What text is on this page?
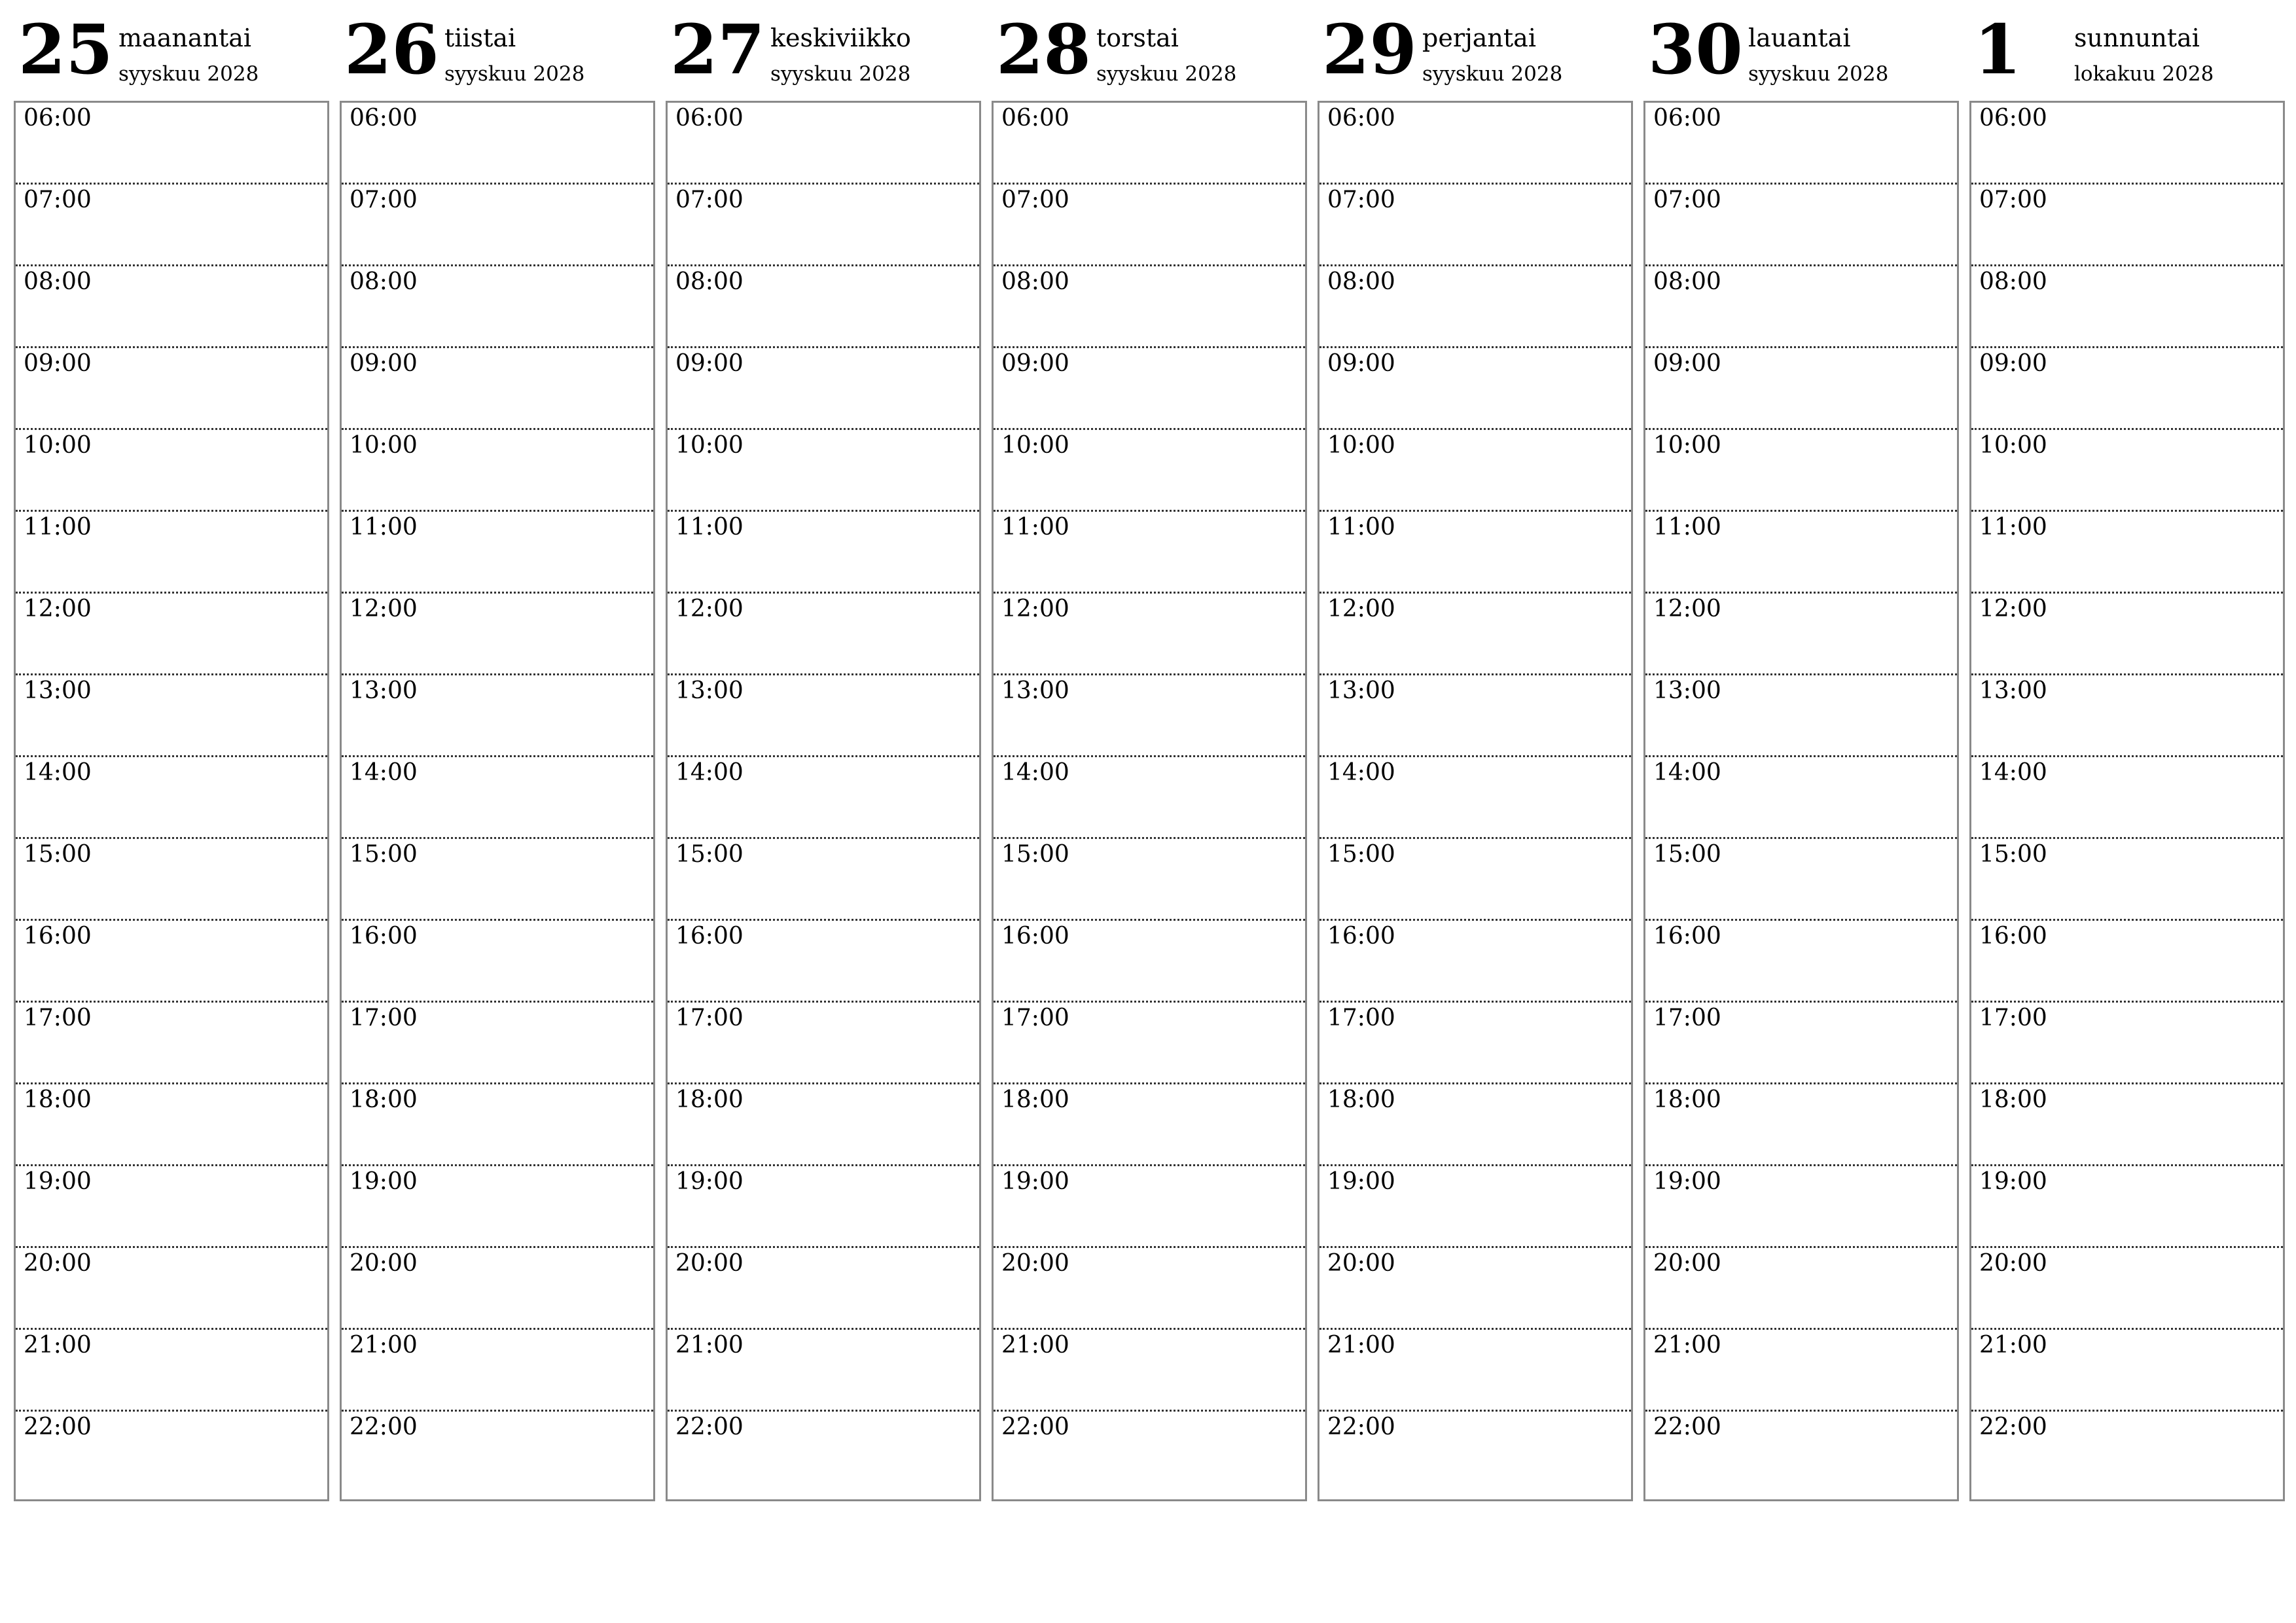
25 maanantai
syyskuu 2028
06:00
07:00
08:00
09:00
10:00
11:00
12:00
13:00
14:00
15:00
16:00
17:00
18:00
19:00
20:00
21:00
22:00
26 tiistai
syyskuu 2028
06:00
07:00
08:00
09:00
10:00
11:00
12:00
13:00
14:00
15:00
16:00
17:00
18:00
19:00
20:00
21:00
22:00
27 keskiviikko
syyskuu 2028
06:00
07:00
08:00
09:00
10:00
11:00
12:00
13:00
14:00
15:00
16:00
17:00
18:00
19:00
20:00
21:00
22:00
28 torstai
syyskuu 2028
06:00
07:00
08:00
09:00
10:00
11:00
12:00
13:00
14:00
15:00
16:00
17:00
18:00
19:00
20:00
21:00
22:00
29 perjantai
syyskuu 2028
06:00
07:00
08:00
09:00
10:00
11:00
12:00
13:00
14:00
15:00
16:00
17:00
18:00
19:00
20:00
21:00
22:00
30 lauantai
syyskuu 2028
06:00
07:00
08:00
09:00
10:00
11:00
12:00
13:00
14:00
15:00
16:00
17:00
18:00
19:00
20:00
21:00
22:00
1 sunnuntai
lokakuu 2028
06:00
07:00
08:00
09:00
10:00
11:00
12:00
13:00
14:00
15:00
16:00
17:00
18:00
19:00
20:00
21:00
22:00
